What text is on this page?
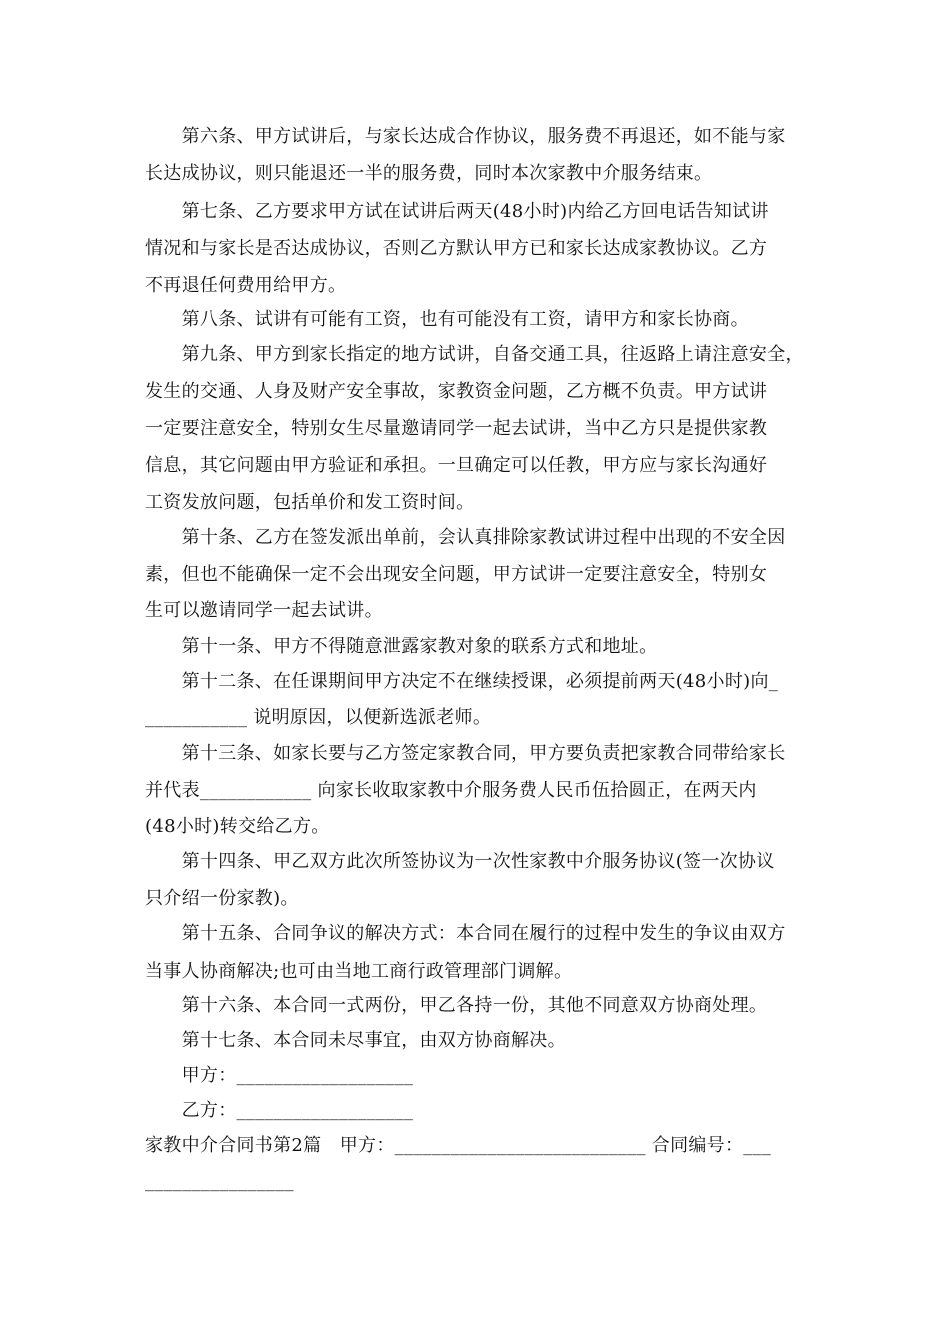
　　第六条、甲方试讲后，与家长达成合作协议，服务费不再退还，如不能与家
长达成协议，则只能退还一半的服务费，同时本次家教中介服务结束。
　　第七条、乙方要求甲方试在试讲后两天(48小时)内给乙方回电话告知试讲
情况和与家长是否达成协议，否则乙方默认甲方已和家长达成家教协议。乙方
不再退任何费用给甲方。
　　第八条、试讲有可能有工资，也有可能没有工资，请甲方和家长协商。
　　第九条、甲方到家长指定的地方试讲，自备交通工具，往返路上请注意安全，
发生的交通、人身及财产安全事故，家教资金问题，乙方概不负责。甲方试讲
一定要注意安全，特别女生尽量邀请同学一起去试讲，当中乙方只是提供家教
信息，其它问题由甲方验证和承担。一旦确定可以任教，甲方应与家长沟通好
工资发放问题，包括单价和发工资时间。
　　第十条、乙方在签发派出单前，会认真排除家教试讲过程中出现的不安全因
素，但也不能确保一定不会出现安全问题，甲方试讲一定要注意安全，特别女
生可以邀请同学一起去试讲。
　　第十一条、甲方不得随意泄露家教对象的联系方式和地址。
　　第十二条、在任课期间甲方决定不在继续授课，必须提前两天(48小时)向_
___________ 说明原因，以便新选派老师。
　　第十三条、如家长要与乙方签定家教合同，甲方要负责把家教合同带给家长
并代表____________ 向家长收取家教中介服务费人民币伍拾圆正，在两天内
(48小时)转交给乙方。
　　第十四条、甲乙双方此次所签协议为一次性家教中介服务协议(签一次协议
只介绍一份家教)。
　　第十五条、合同争议的解决方式：本合同在履行的过程中发生的争议由双方
当事人协商解决;也可由当地工商行政管理部门调解。
　　第十六条、本合同一式两份，甲乙各持一份，其他不同意双方协商处理。
　　第十七条、本合同未尽事宜，由双方协商解决。
　　甲方：___________________
　　乙方：___________________
家教中介合同书第2篇　甲方：___________________________ 合同编号：___
________________
